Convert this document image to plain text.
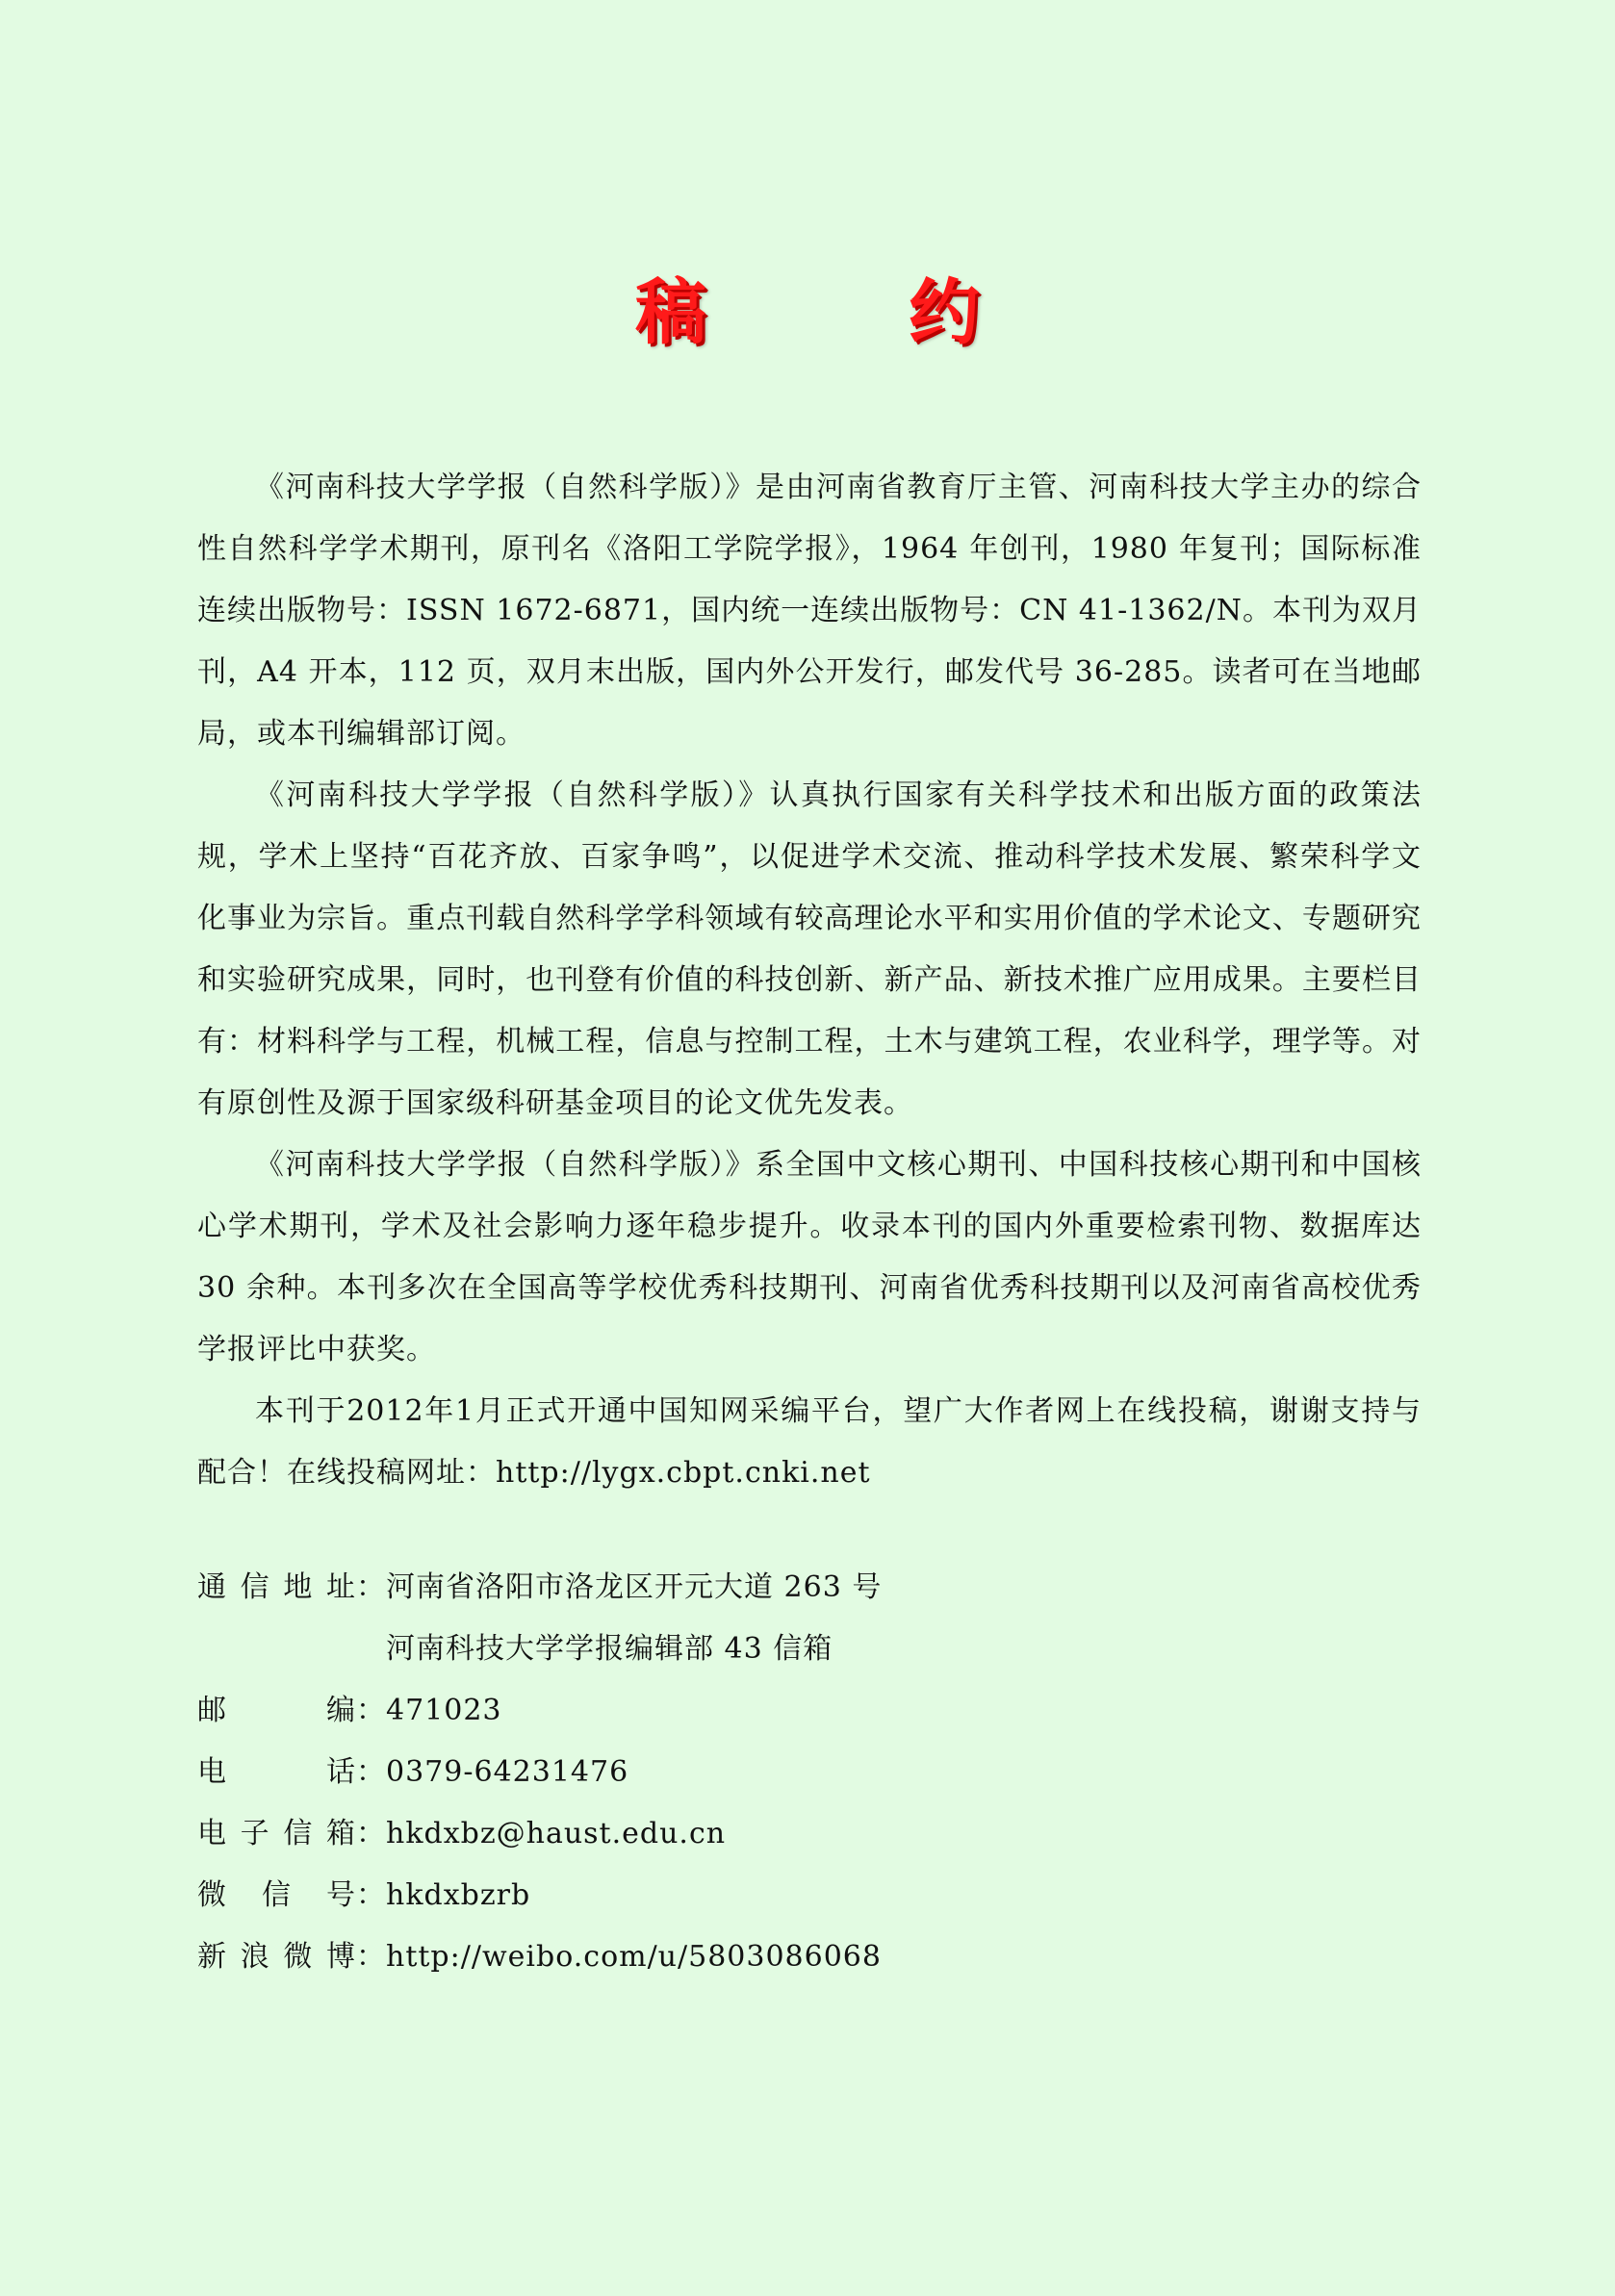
稿	约

《河南科技大学学报（自然科学版）》是由河南省教育厅主管、河南科技大学主办的综合性自然科学学术期刊，原刊名《洛阳工学院学报》，1964 年创刊，1980 年复刊；国际标准连续出版物号：ISSN 1672-6871，国内统一连续出版物号：CN 41-1362/N。本刊为双月刊，A4 开本，112 页，双月末出版，国内外公开发行，邮发代号 36-285。读者可在当地邮局，或本刊编辑部订阅。

《河南科技大学学报（自然科学版）》认真执行国家有关科学技术和出版方面的政策法规，学术上坚持“百花齐放、百家争鸣”，以促进学术交流、推动科学技术发展、繁荣科学文化事业为宗旨。重点刊载自然科学学科领域有较高理论水平和实用价值的学术论文、专题研究和实验研究成果，同时，也刊登有价值的科技创新、新产品、新技术推广应用成果。主要栏目有：材料科学与工程，机械工程，信息与控制工程，土木与建筑工程，农业科学，理学等。对有原创性及源于国家级科研基金项目的论文优先发表。

《河南科技大学学报（自然科学版）》系全国中文核心期刊、中国科技核心期刊和中国核心学术期刊，学术及社会影响力逐年稳步提升。收录本刊的国内外重要检索刊物、数据库达 30 余种。本刊多次在全国高等学校优秀科技期刊、河南省优秀科技期刊以及河南省高校优秀学报评比中获奖。

本刊于2012年1月正式开通中国知网采编平台，望广大作者网上在线投稿，谢谢支持与配合！在线投稿网址：http://lygx.cbpt.cnki.net

通 信 地 址 ： 河南省洛阳市洛龙区开元大道 263 号
河南科技大学学报编辑部 43 信箱
邮	编 ： 471023
电	话 ： 0379-64231476
电 子 信 箱 ： hkdxbz@haust.edu.cn
微 信 号 ： hkdxbzrb
新 浪 微 博 ： http://weibo.com/u/5803086068
